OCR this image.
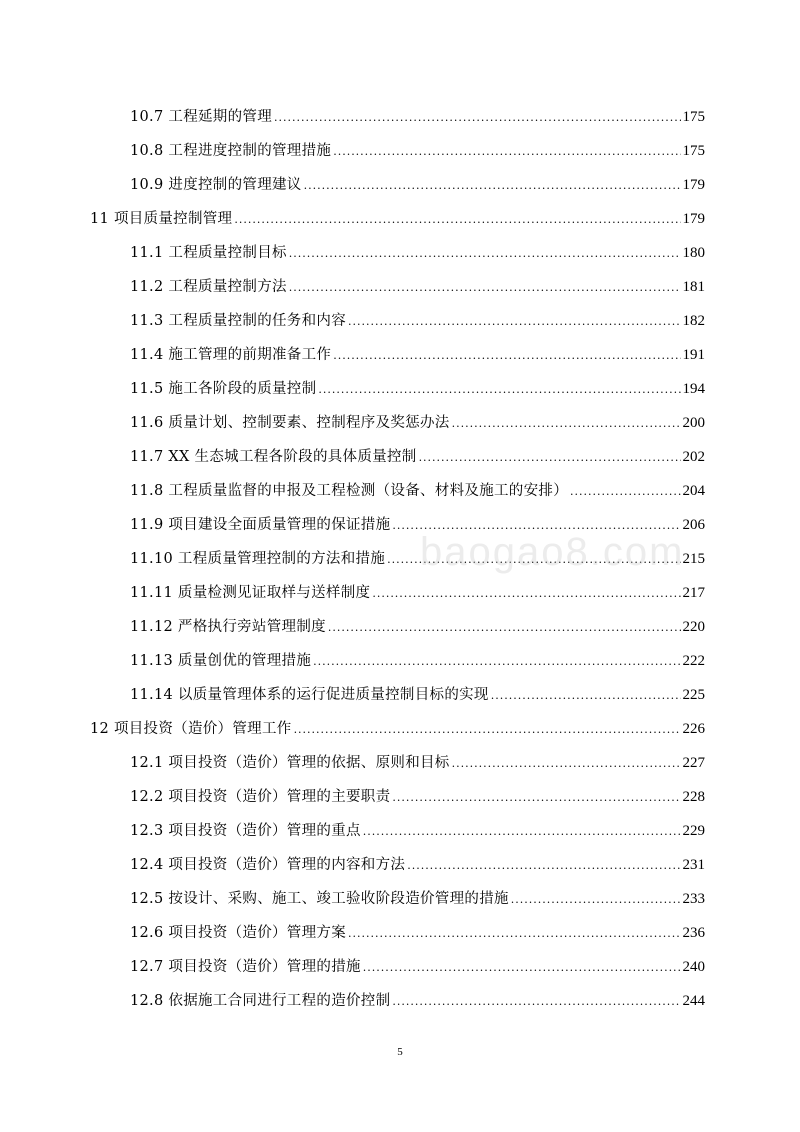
10.7 工程延期的管理 .....	175
10.8 工程进度控制的管理措施 .....	175
10.9 进度控制的管理建议 .....	179
11 项目质量控制管理 .....	179
11.1 工程质量控制目标 .....	180
11.2 工程质量控制方法 .....	181
11.3 工程质量控制的任务和内容 .....	182
11.4 施工管理的前期准备工作 .....	191
11.5 施工各阶段的质量控制 .....	194
11.6 质量计划、控制要素、控制程序及奖惩办法 .....	200
11.7 XX 生态城工程各阶段的具体质量控制 .....	202
11.8 工程质量监督的申报及工程检测（设备、材料及施工的安排） .....	204
11.9 项目建设全面质量管理的保证措施 .....	206
11.10 工程质量管理控制的方法和措施 .....	215
11.11 质量检测见证取样与送样制度 .....	217
11.12 严格执行旁站管理制度 .....	220
11.13 质量创优的管理措施 .....	222
11.14 以质量管理体系的运行促进质量控制目标的实现 .....	225
12 项目投资（造价）管理工作 .....	226
12.1 项目投资（造价）管理的依据、原则和目标 .....	227
12.2 项目投资（造价）管理的主要职责 .....	228
12.3 项目投资（造价）管理的重点 .....	229
12.4 项目投资（造价）管理的内容和方法 .....	231
12.5 按设计、采购、施工、竣工验收阶段造价管理的措施 .....	233
12.6 项目投资（造价）管理方案 .....	236
12.7 项目投资（造价）管理的措施 .....	240
12.8 依据施工合同进行工程的造价控制 .....	244
baogao8.com
5
